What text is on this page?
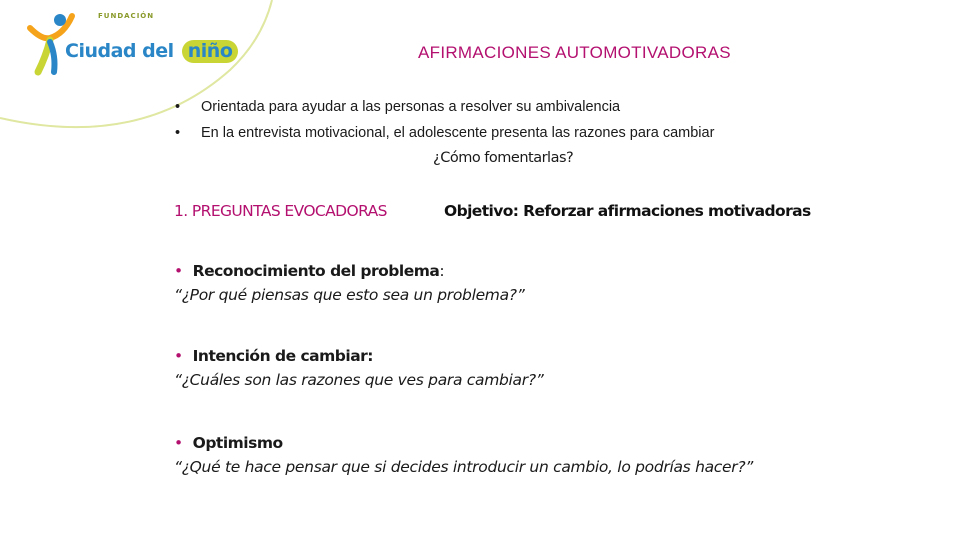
FUNDACIÓN
Ciudad del niño	AFIRMACIONES AUTOMOTIVADORAS
• Orientada para ayudar a las personas a resolver su ambivalencia
• En la entrevista motivacional, el adolescente presenta las razones para cambiar
¿Cómo fomentarlas?
1. PREGUNTAS EVOCADORAS	Objetivo: Reforzar afirmaciones motivadoras
• Reconocimiento del problema:
“¿Por qué piensas que esto sea un problema?”
• Intención de cambiar:
“¿Cuáles son las razones que ves para cambiar?”
• Optimismo
“¿Qué te hace pensar que si decides introducir un cambio, lo podrías hacer?”
